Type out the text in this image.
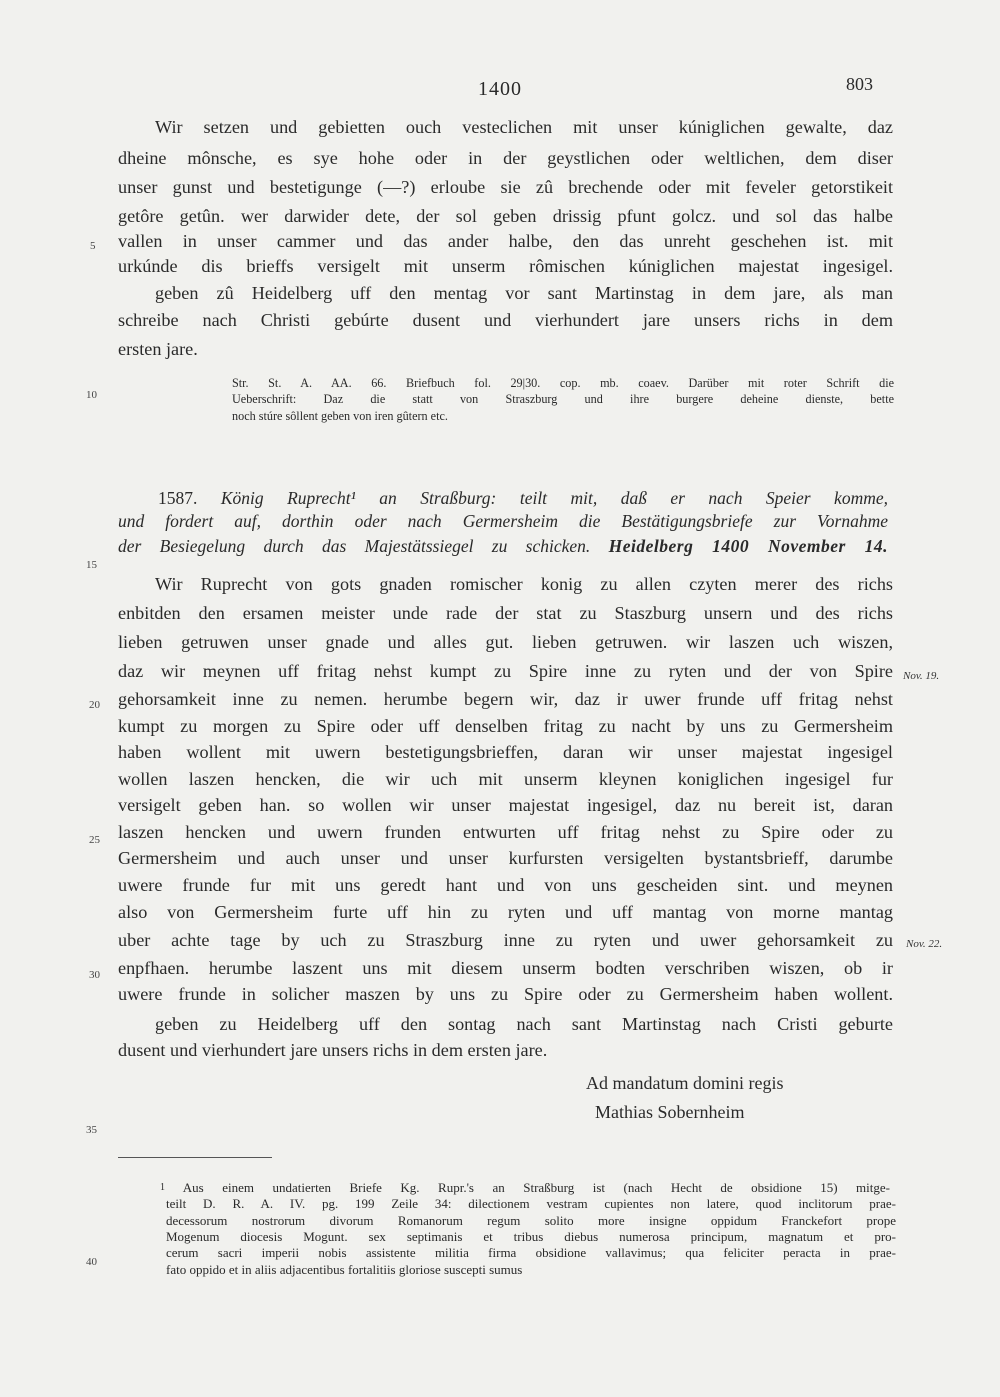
1400	803
5
10
15
20
25
30
35
40
Nov. 19.
Nov. 22.
Wir setzen und gebietten ouch vesteclichen mit unser kúniglichen gewalte, daz
dheine mônsche, es sye hohe oder in der geystlichen oder weltlichen, dem diser
unser gunst und bestetigunge (—?) erloube sie zû brechende oder mit feveler getorstikeit
getôre getûn. wer darwider dete, der sol geben drissig pfunt golcz. und sol das halbe
vallen in unser cammer und das ander halbe, den das unreht geschehen ist. mit
urkúnde dis brieffs versigelt mit unserm rômischen kúniglichen majestat ingesigel.
geben zû Heidelberg uff den mentag vor sant Martinstag in dem jare, als man
schreibe nach Christi gebúrte dusent und vierhundert jare unsers richs in dem
ersten jare.
Str. St. A. AA. 66. Briefbuch fol. 29|30. cop. mb. coaev. Darüber mit roter Schrift die
Ueberschrift: Daz die statt von Straszburg und ihre burgere deheine dienste, bette
noch stúre sôllent geben von iren gûtern etc.
1587. König Ruprecht¹ an Straßburg: teilt mit, daß er nach Speier komme,
und fordert auf, dorthin oder nach Germersheim die Bestätigungsbriefe zur Vornahme
der Besiegelung durch das Majestätssiegel zu schicken. Heidelberg 1400 November 14.
Wir Ruprecht von gots gnaden romischer konig zu allen czyten merer des richs
enbitden den ersamen meister unde rade der stat zu Staszburg unsern und des richs
lieben getruwen unser gnade und alles gut. lieben getruwen. wir laszen uch wiszen,
daz wir meynen uff fritag nehst kumpt zu Spire inne zu ryten und der von Spire
gehorsamkeit inne zu nemen. herumbe begern wir, daz ir uwer frunde uff fritag nehst
kumpt zu morgen zu Spire oder uff denselben fritag zu nacht by uns zu Germersheim
haben wollent mit uwern bestetigungsbrieffen, daran wir unser majestat ingesigel
wollen laszen hencken, die wir uch mit unserm kleynen koniglichen ingesigel fur
versigelt geben han. so wollen wir unser majestat ingesigel, daz nu bereit ist, daran
laszen hencken und uwern frunden entwurten uff fritag nehst zu Spire oder zu
Germersheim und auch unser und unser kurfursten versigelten bystantsbrieff, darumbe
uwere frunde fur mit uns geredt hant und von uns gescheiden sint. und meynen
also von Germersheim furte uff hin zu ryten und uff mantag von morne mantag
uber achte tage by uch zu Straszburg inne zu ryten und uwer gehorsamkeit zu
enpfhaen. herumbe laszent uns mit diesem unserm bodten verschriben wiszen, ob ir
uwere frunde in solicher maszen by uns zu Spire oder zu Germersheim haben wollent.
geben zu Heidelberg uff den sontag nach sant Martinstag nach Cristi geburte
dusent und vierhundert jare unsers richs in dem ersten jare.
Ad mandatum domini regis
Mathias Sobernheim
1 Aus einem undatierten Briefe Kg. Rupr.'s an Straßburg ist (nach Hecht de obsidione 15) mitge-
teilt D. R. A. IV. pg. 199 Zeile 34: dilectionem vestram cupientes non latere, quod inclitorum prae-
decessorum nostrorum divorum Romanorum regum solito more insigne oppidum Franckefort prope
Mogenum diocesis Mogunt. sex septimanis et tribus diebus numerosa principum, magnatum et pro-
cerum sacri imperii nobis assistente militia firma obsidione vallavimus; qua feliciter peracta in prae-
fato oppido et in aliis adjacentibus fortalitiis gloriose suscepti sumus
